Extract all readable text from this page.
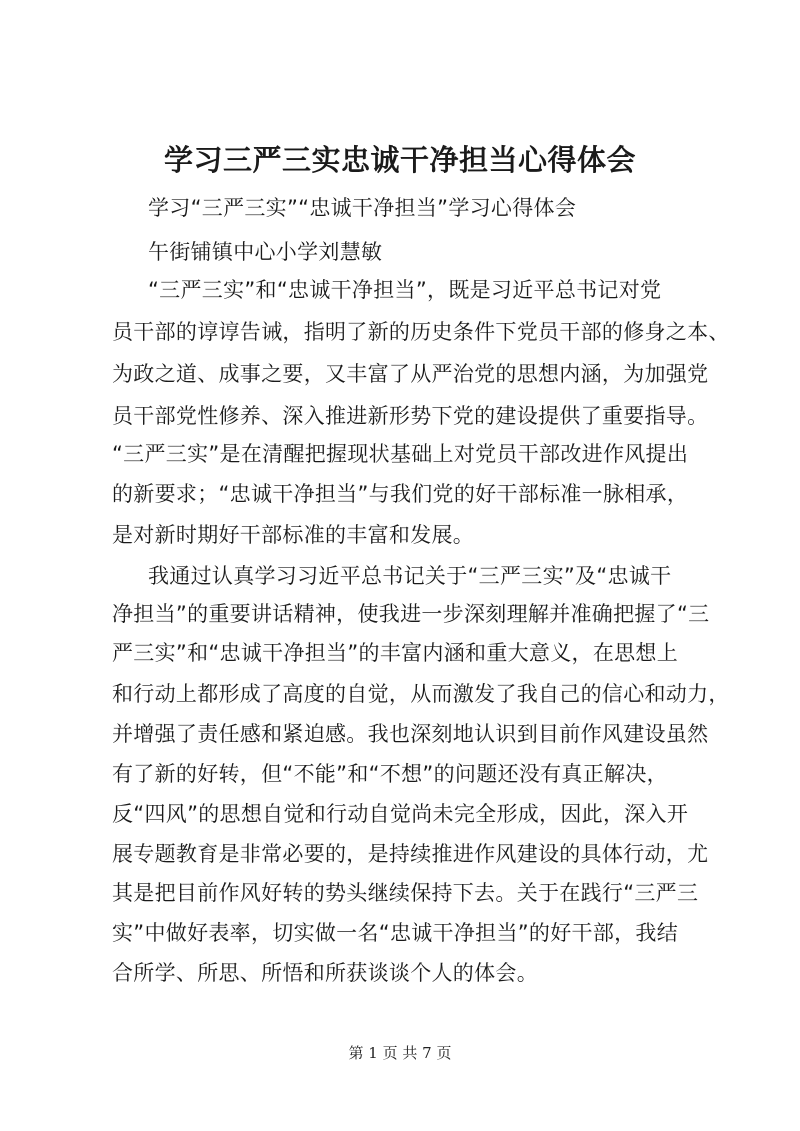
学习三严三实忠诚干净担当心得体会
学习“三严三实”“忠诚干净担当”学习心得体会
午街铺镇中心小学刘慧敏
“三严三实”和“忠诚干净担当”，既是习近平总书记对党
员干部的谆谆告诫，指明了新的历史条件下党员干部的修身之本、
为政之道、成事之要，又丰富了从严治党的思想内涵，为加强党
员干部党性修养、深入推进新形势下党的建设提供了重要指导。
“三严三实”是在清醒把握现状基础上对党员干部改进作风提出
的新要求；“忠诚干净担当”与我们党的好干部标准一脉相承，
是对新时期好干部标准的丰富和发展。
我通过认真学习习近平总书记关于“三严三实”及“忠诚干
净担当”的重要讲话精神，使我进一步深刻理解并准确把握了“三
严三实”和“忠诚干净担当”的丰富内涵和重大意义，在思想上
和行动上都形成了高度的自觉，从而激发了我自己的信心和动力，
并增强了责任感和紧迫感。我也深刻地认识到目前作风建设虽然
有了新的好转，但“不能”和“不想”的问题还没有真正解决，
反“四风”的思想自觉和行动自觉尚未完全形成，因此，深入开
展专题教育是非常必要的，是持续推进作风建设的具体行动，尤
其是把目前作风好转的势头继续保持下去。关于在践行“三严三
实”中做好表率，切实做一名“忠诚干净担当”的好干部，我结
合所学、所思、所悟和所获谈谈个人的体会。
第 1 页 共 7 页
